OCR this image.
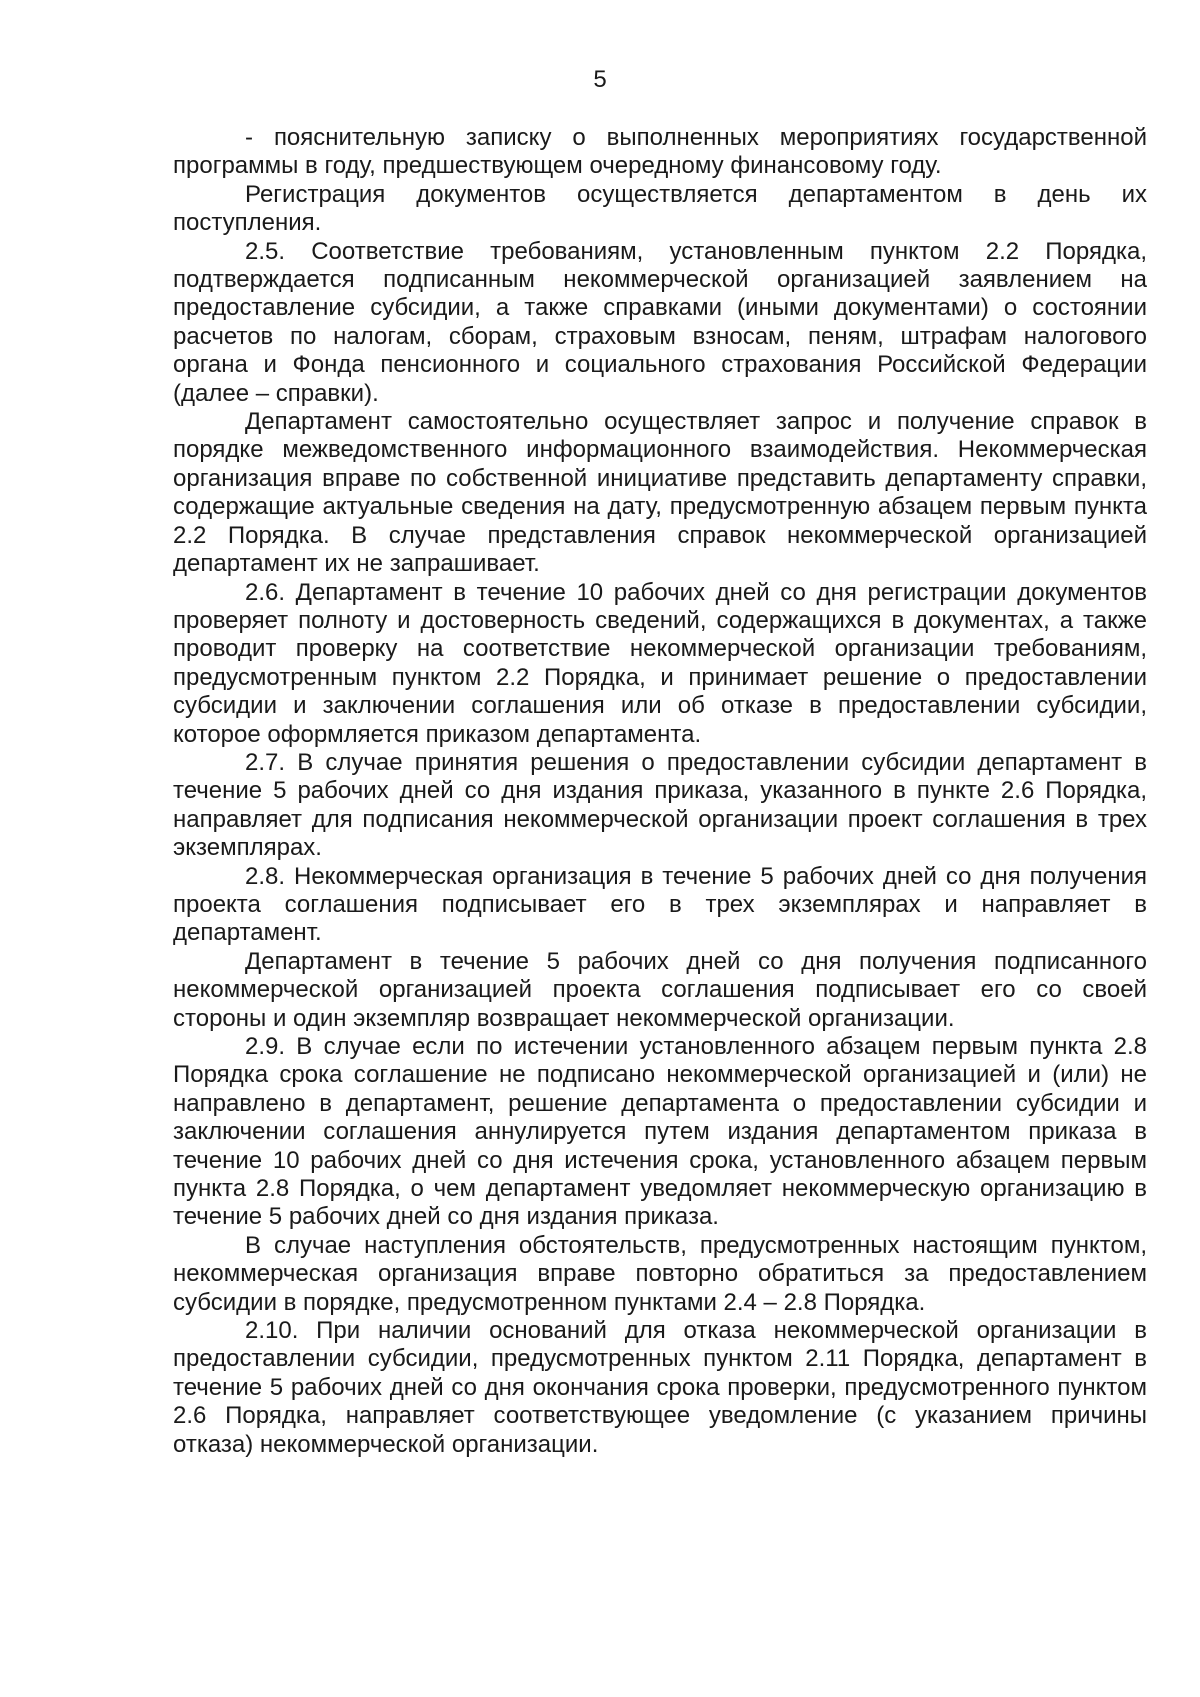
5

- пояснительную записку о выполненных мероприятиях государственной программы в году, предшествующем очередному финансовому году.

Регистрация документов осуществляется департаментом в день их поступления.

2.5. Соответствие требованиям, установленным пунктом 2.2 Порядка, подтверждается подписанным некоммерческой организацией заявлением на предоставление субсидии, а также справками (иными документами) о состоянии расчетов по налогам, сборам, страховым взносам, пеням, штрафам налогового органа и Фонда пенсионного и социального страхования Российской Федерации (далее – справки).

Департамент самостоятельно осуществляет запрос и получение справок в порядке межведомственного информационного взаимодействия. Некоммерческая организация вправе по собственной инициативе представить департаменту справки, содержащие актуальные сведения на дату, предусмотренную абзацем первым пункта 2.2 Порядка. В случае представления справок некоммерческой организацией департамент их не запрашивает.

2.6. Департамент в течение 10 рабочих дней со дня регистрации документов проверяет полноту и достоверность сведений, содержащихся в документах, а также проводит проверку на соответствие некоммерческой организации требованиям, предусмотренным пунктом 2.2 Порядка, и принимает решение о предоставлении субсидии и заключении соглашения или об отказе в предоставлении субсидии, которое оформляется приказом департамента.

2.7. В случае принятия решения о предоставлении субсидии департамент в течение 5 рабочих дней со дня издания приказа, указанного в пункте 2.6 Порядка, направляет для подписания некоммерческой организации проект соглашения в трех экземплярах.

2.8. Некоммерческая организация в течение 5 рабочих дней со дня получения проекта соглашения подписывает его в трех экземплярах и направляет в департамент.

Департамент в течение 5 рабочих дней со дня получения подписанного некоммерческой организацией проекта соглашения подписывает его со своей стороны и один экземпляр возвращает некоммерческой организации.

2.9. В случае если по истечении установленного абзацем первым пункта 2.8 Порядка срока соглашение не подписано некоммерческой организацией и (или) не направлено в департамент, решение департамента о предоставлении субсидии и заключении соглашения аннулируется путем издания департаментом приказа в течение 10 рабочих дней со дня истечения срока, установленного абзацем первым пункта 2.8 Порядка, о чем департамент уведомляет некоммерческую организацию в течение 5 рабочих дней со дня издания приказа.

В случае наступления обстоятельств, предусмотренных настоящим пунктом, некоммерческая организация вправе повторно обратиться за предоставлением субсидии в порядке, предусмотренном пунктами 2.4 – 2.8 Порядка.

2.10. При наличии оснований для отказа некоммерческой организации в предоставлении субсидии, предусмотренных пунктом 2.11 Порядка, департамент в течение 5 рабочих дней со дня окончания срока проверки, предусмотренного пунктом 2.6 Порядка, направляет соответствующее уведомление (с указанием причины отказа) некоммерческой организации.
